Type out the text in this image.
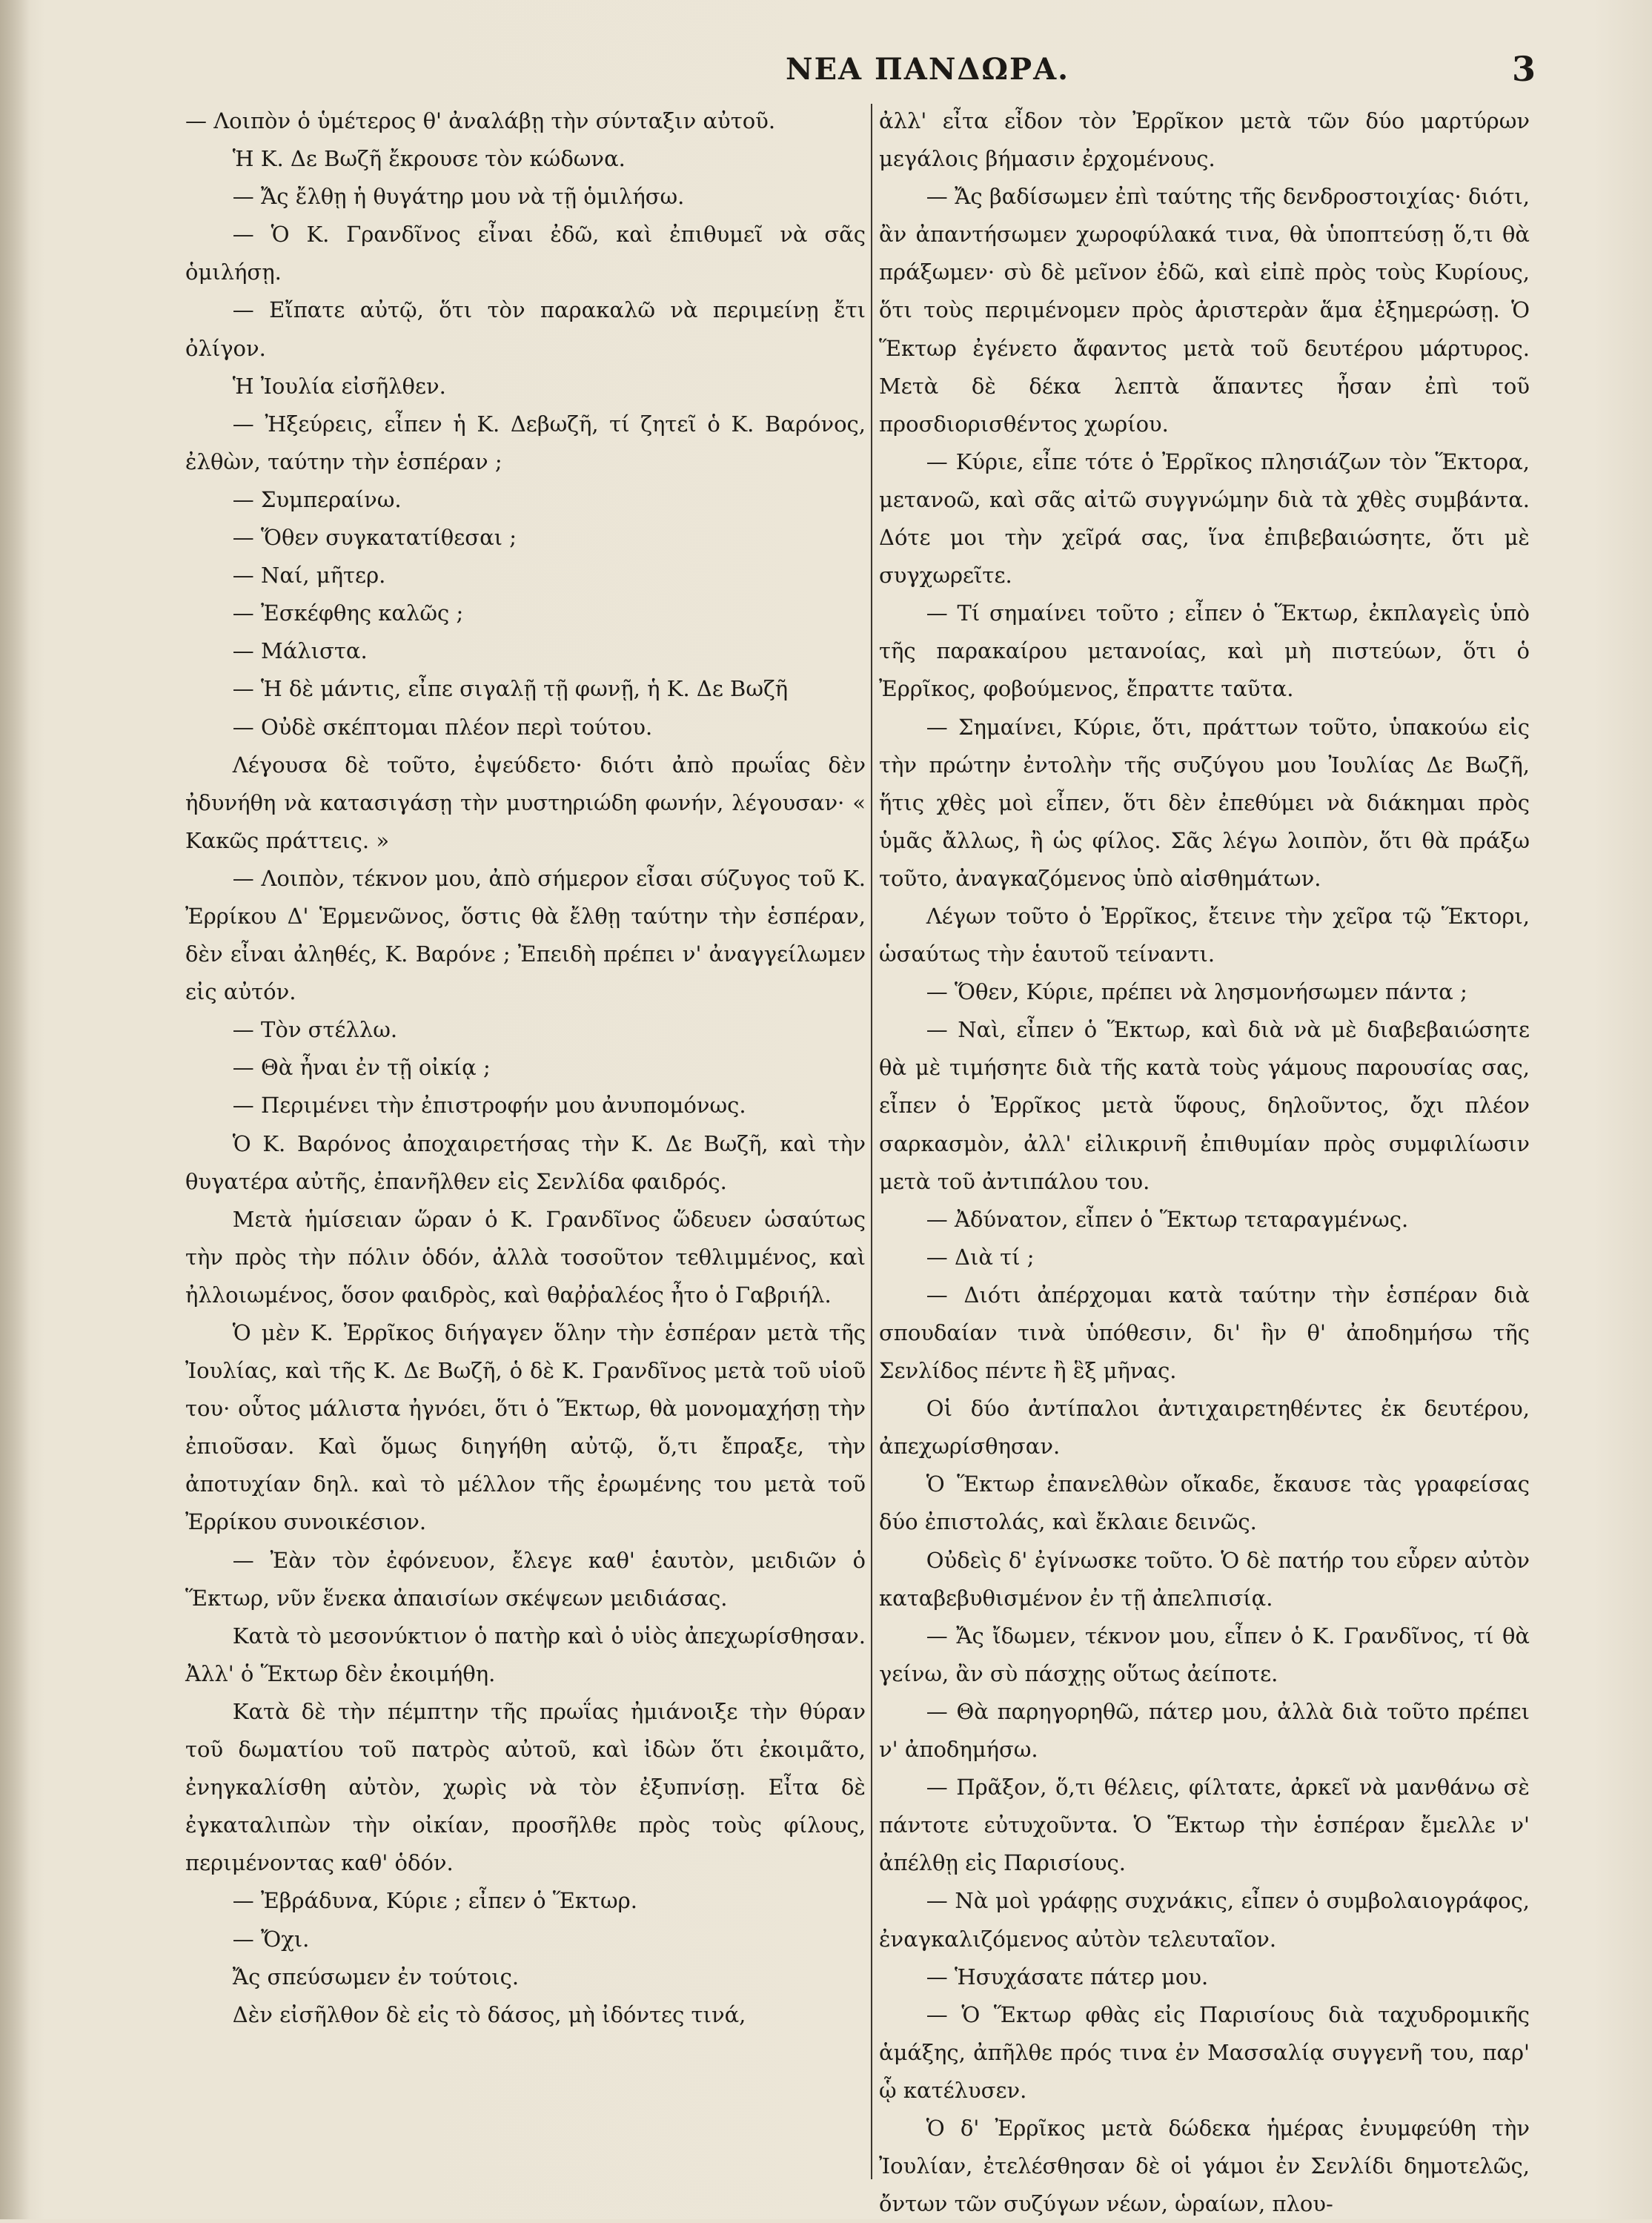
ΝΕΑ ΠΑΝΔΩΡΑ.	3

— Λοιπὸν ὁ ὑμέτερος θ' ἀναλάβῃ τὴν σύνταξιν αὐτοῦ.

Ἡ Κ. Δε Βωζῆ ἔκρουσε τὸν κώδωνα.

— Ἄς ἔλθῃ ἡ θυγάτηρ μου νὰ τῇ ὁμιλήσω.

— Ὁ Κ. Γρανδῖνος εἶναι ἐδῶ, καὶ ἐπιθυμεῖ νὰ σᾶς ὁμιλήσῃ.

— Εἴπατε αὐτῷ, ὅτι τὸν παρακαλῶ νὰ περιμείνῃ ἔτι ὀλίγον.

Ἡ Ἰουλία εἰσῆλθεν.

— Ἠξεύρεις, εἶπεν ἡ Κ. Δεβωζῆ, τί ζητεῖ ὁ Κ. Βαρόνος, ἐλθὼν, ταύτην τὴν ἑσπέραν ;

— Συμπεραίνω.

— Ὅθεν συγκατατίθεσαι ;

— Ναί, μῆτερ.

— Ἐσκέφθης καλῶς ;

— Μάλιστα.

— Ἡ δὲ μάντις, εἶπε σιγαλῇ τῇ φωνῇ, ἡ Κ. Δε Βωζῆ

— Οὐδὲ σκέπτομαι πλέον περὶ τούτου.

Λέγουσα δὲ τοῦτο, ἐψεύδετο· διότι ἀπὸ πρωΐας δὲν ἠδυνήθη νὰ κατασιγάσῃ τὴν μυστηριώδη φωνήν, λέγουσαν· « Κακῶς πράττεις. »

— Λοιπὸν, τέκνον μου, ἀπὸ σήμερον εἶσαι σύζυγος τοῦ Κ. Ἐρρίκου Δ' Ἑρμενῶνος, ὅστις θὰ ἔλθῃ ταύτην τὴν ἑσπέραν, δὲν εἶναι ἀληθές, Κ. Βαρόνε ; Ἐπειδὴ πρέπει ν' ἀναγγείλωμεν εἰς αὐτόν.

— Τὸν στέλλω.

— Θὰ ἦναι ἐν τῇ οἰκίᾳ ;

— Περιμένει τὴν ἐπιστροφήν μου ἀνυπομόνως.

Ὁ Κ. Βαρόνος ἀποχαιρετήσας τὴν Κ. Δε Βωζῆ, καὶ τὴν θυγατέρα αὐτῆς, ἐπανῆλθεν εἰς Σενλίδα φαιδρός.

Μετὰ ἡμίσειαν ὥραν ὁ Κ. Γρανδῖνος ὥδευεν ὡσαύτως τὴν πρὸς τὴν πόλιν ὁδόν, ἀλλὰ τοσοῦτον τεθλιμμένος, καὶ ἠλλοιωμένος, ὅσον φαιδρὸς, καὶ θαῤῥαλέος ἦτο ὁ Γαβριήλ.

Ὁ μὲν Κ. Ἐρρῖκος διήγαγεν ὅλην τὴν ἑσπέραν μετὰ τῆς Ἰουλίας, καὶ τῆς Κ. Δε Βωζῆ, ὁ δὲ Κ. Γρανδῖνος μετὰ τοῦ υἱοῦ του· οὗτος μάλιστα ἠγνόει, ὅτι ὁ Ἕκτωρ, θὰ μονομαχήσῃ τὴν ἐπιοῦσαν. Καὶ ὅμως διηγήθη αὐτῷ, ὅ,τι ἔπραξε, τὴν ἀποτυχίαν δηλ. καὶ τὸ μέλλον τῆς ἐρωμένης του μετὰ τοῦ Ἐρρίκου συνοικέσιον.

— Ἐὰν τὸν ἐφόνευον, ἔλεγε καθ' ἑαυτὸν, μειδιῶν ὁ Ἕκτωρ, νῦν ἕνεκα ἀπαισίων σκέψεων μειδιάσας.

Κατὰ τὸ μεσονύκτιον ὁ πατὴρ καὶ ὁ υἱὸς ἀπεχωρίσθησαν. Ἀλλ' ὁ Ἕκτωρ δὲν ἐκοιμήθη.

Κατὰ δὲ τὴν πέμπτην τῆς πρωΐας ἠμιάνοιξε τὴν θύραν τοῦ δωματίου τοῦ πατρὸς αὐτοῦ, καὶ ἰδὼν ὅτι ἐκοιμᾶτο, ἐνηγκαλίσθη αὐτὸν, χωρὶς νὰ τὸν ἐξυπνίσῃ. Εἶτα δὲ ἐγκαταλιπὼν τὴν οἰκίαν, προσῆλθε πρὸς τοὺς φίλους, περιμένοντας καθ' ὁδόν.

— Ἐβράδυνα, Κύριε ; εἶπεν ὁ Ἕκτωρ.

— Ὄχι.

Ἄς σπεύσωμεν ἐν τούτοις.

Δὲν εἰσῆλθον δὲ εἰς τὸ δάσος, μὴ ἰδόντες τινά,

ἀλλ' εἶτα εἶδον τὸν Ἐρρῖκον μετὰ τῶν δύο μαρτύρων μεγάλοις βήμασιν ἐρχομένους.

— Ἄς βαδίσωμεν ἐπὶ ταύτης τῆς δενδροστοιχίας· διότι, ἂν ἀπαντήσωμεν χωροφύλακά τινα, θὰ ὑποπτεύσῃ ὅ,τι θὰ πράξωμεν· σὺ δὲ μεῖνον ἐδῶ, καὶ εἰπὲ πρὸς τοὺς Κυρίους, ὅτι τοὺς περιμένομεν πρὸς ἀριστερὰν ἅμα ἐξημερώσῃ. Ὁ Ἕκτωρ ἐγένετο ἄφαντος μετὰ τοῦ δευτέρου μάρτυρος. Μετὰ δὲ δέκα λεπτὰ ἅπαντες ἦσαν ἐπὶ τοῦ προσδιορισθέντος χωρίου.

— Κύριε, εἶπε τότε ὁ Ἐρρῖκος πλησιάζων τὸν Ἕκτορα, μετανοῶ, καὶ σᾶς αἰτῶ συγγνώμην διὰ τὰ χθὲς συμβάντα. Δότε μοι τὴν χεῖρά σας, ἵνα ἐπιβεβαιώσητε, ὅτι μὲ συγχωρεῖτε.

— Τί σημαίνει τοῦτο ; εἶπεν ὁ Ἕκτωρ, ἐκπλαγεὶς ὑπὸ τῆς παρακαίρου μετανοίας, καὶ μὴ πιστεύων, ὅτι ὁ Ἐρρῖκος, φοβούμενος, ἔπραττε ταῦτα.

— Σημαίνει, Κύριε, ὅτι, πράττων τοῦτο, ὑπακούω εἰς τὴν πρώτην ἐντολὴν τῆς συζύγου μου Ἰουλίας Δε Βωζῆ, ἥτις χθὲς μοὶ εἶπεν, ὅτι δὲν ἐπεθύμει νὰ διάκημαι πρὸς ὑμᾶς ἄλλως, ἢ ὡς φίλος. Σᾶς λέγω λοιπὸν, ὅτι θὰ πράξω τοῦτο, ἀναγκαζόμενος ὑπὸ αἰσθημάτων.

Λέγων τοῦτο ὁ Ἐρρῖκος, ἔτεινε τὴν χεῖρα τῷ Ἕκτορι, ὡσαύτως τὴν ἑαυτοῦ τείναντι.

— Ὅθεν, Κύριε, πρέπει νὰ λησμονήσωμεν πάντα ;

— Ναὶ, εἶπεν ὁ Ἕκτωρ, καὶ διὰ νὰ μὲ διαβεβαιώσητε θὰ μὲ τιμήσητε διὰ τῆς κατὰ τοὺς γάμους παρουσίας σας, εἶπεν ὁ Ἐρρῖκος μετὰ ὕφους, δηλοῦντος, ὄχι πλέον σαρκασμὸν, ἀλλ' εἰλικρινῆ ἐπιθυμίαν πρὸς συμφιλίωσιν μετὰ τοῦ ἀντιπάλου του.

— Ἀδύνατον, εἶπεν ὁ Ἕκτωρ τεταραγμένως.

— Διὰ τί ;

— Διότι ἀπέρχομαι κατὰ ταύτην τὴν ἑσπέραν διὰ σπουδαίαν τινὰ ὑπόθεσιν, δι' ἣν θ' ἀποδημήσω τῆς Σενλίδος πέντε ἢ ἓξ μῆνας.

Οἱ δύο ἀντίπαλοι ἀντιχαιρετηθέντες ἐκ δευτέρου, ἀπεχωρίσθησαν.

Ὁ Ἕκτωρ ἐπανελθὼν οἴκαδε, ἔκαυσε τὰς γραφείσας δύο ἐπιστολάς, καὶ ἔκλαιε δεινῶς.

Οὐδεὶς δ' ἐγίνωσκε τοῦτο. Ὁ δὲ πατήρ του εὗρεν αὐτὸν καταβεβυθισμένον ἐν τῇ ἀπελπισίᾳ.

— Ἄς ἴδωμεν, τέκνον μου, εἶπεν ὁ Κ. Γρανδῖνος, τί θὰ γείνω, ἂν σὺ πάσχῃς οὕτως ἀείποτε.

— Θὰ παρηγορηθῶ, πάτερ μου, ἀλλὰ διὰ τοῦτο πρέπει ν' ἀποδημήσω.

— Πρᾶξον, ὅ,τι θέλεις, φίλτατε, ἀρκεῖ νὰ μανθάνω σὲ πάντοτε εὐτυχοῦντα. Ὁ Ἕκτωρ τὴν ἑσπέραν ἔμελλε ν' ἀπέλθῃ εἰς Παρισίους.

— Νὰ μοὶ γράφῃς συχνάκις, εἶπεν ὁ συμβολαιογράφος, ἐναγκαλιζόμενος αὐτὸν τελευταῖον.

— Ἡσυχάσατε πάτερ μου.

— Ὁ Ἕκτωρ φθὰς εἰς Παρισίους διὰ ταχυδρομικῆς ἁμάξης, ἀπῆλθε πρός τινα ἐν Μασσαλίᾳ συγγενῆ του, παρ' ᾧ κατέλυσεν.

Ὁ δ' Ἐρρῖκος μετὰ δώδεκα ἡμέρας ἐνυμφεύθη τὴν Ἰουλίαν, ἐτελέσθησαν δὲ οἱ γάμοι ἐν Σενλίδι δημοτελῶς, ὄντων τῶν συζύγων νέων, ὡραίων, πλου-
